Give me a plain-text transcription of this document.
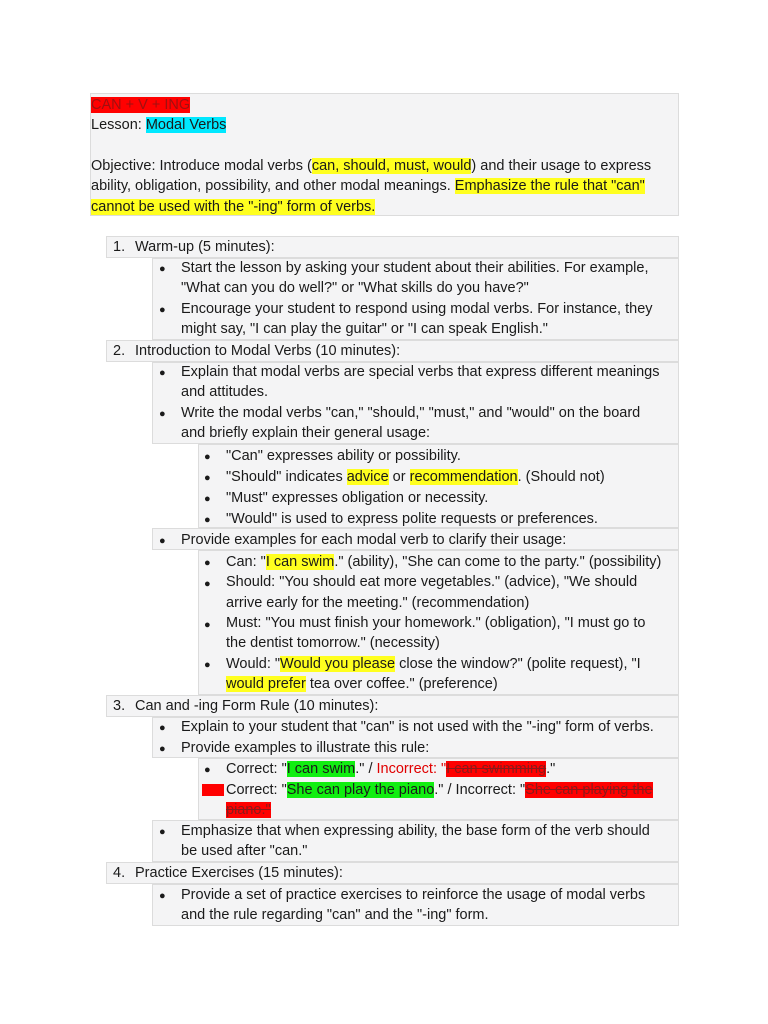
CAN + V + ING
Lesson: Modal Verbs
Objective: Introduce modal verbs (can, should, must, would) and their usage to express
ability, obligation, possibility, and other modal meanings. Emphasize the rule that "can"
cannot be used with the "-ing" form of verbs.
1. Warm-up (5 minutes):
● Start the lesson by asking your student about their abilities. For example,
"What can you do well?" or "What skills do you have?"
● Encourage your student to respond using modal verbs. For instance, they
might say, "I can play the guitar" or "I can speak English."
2. Introduction to Modal Verbs (10 minutes):
● Explain that modal verbs are special verbs that express different meanings
and attitudes.
● Write the modal verbs "can," "should," "must," and "would" on the board
and briefly explain their general usage:
● "Can" expresses ability or possibility.
● "Should" indicates advice or recommendation. (Should not)
● "Must" expresses obligation or necessity.
● "Would" is used to express polite requests or preferences.
● Provide examples for each modal verb to clarify their usage:
● Can: "I can swim." (ability), "She can come to the party." (possibility)
● Should: "You should eat more vegetables." (advice), "We should
arrive early for the meeting." (recommendation)
● Must: "You must finish your homework." (obligation), "I must go to
the dentist tomorrow." (necessity)
● Would: "Would you please close the window?" (polite request), "I
would prefer tea over coffee." (preference)
3. Can and -ing Form Rule (10 minutes):
● Explain to your student that "can" is not used with the "-ing" form of verbs.
● Provide examples to illustrate this rule:
● Correct: "I can swim." / Incorrect: "I can swimming."
Correct: "She can play the piano." / Incorrect: "She can playing the
piano."
● Emphasize that when expressing ability, the base form of the verb should
be used after "can."
4. Practice Exercises (15 minutes):
● Provide a set of practice exercises to reinforce the usage of modal verbs
and the rule regarding "can" and the "-ing" form.
